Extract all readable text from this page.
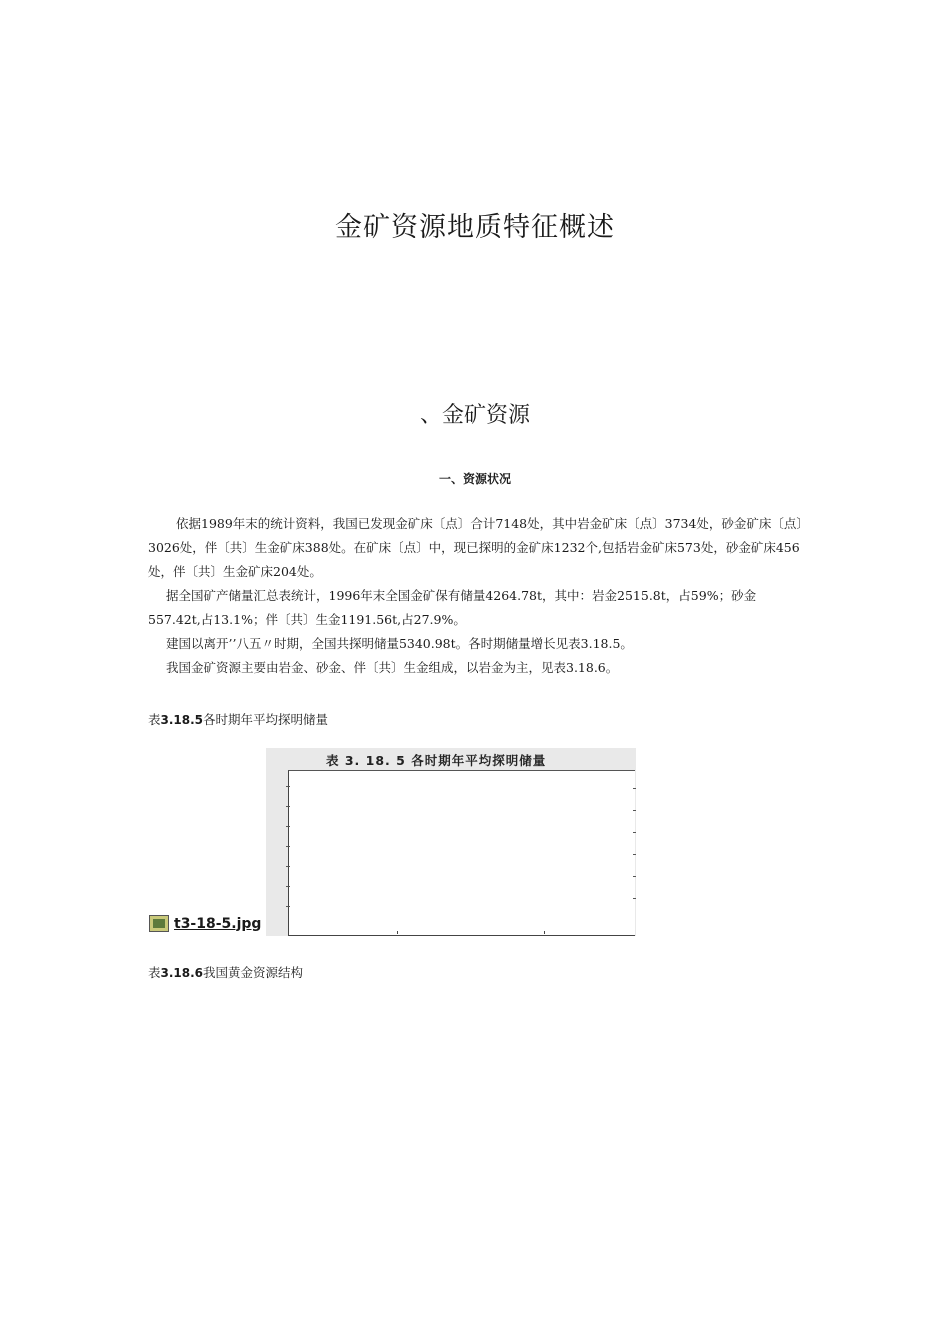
金矿资源地质特征概述
、金矿资源
一、资源状况

依据1989年末的统计资料，我国已发现金矿床〔点〕合计7148处，其中岩金矿床〔点〕3734处，砂金矿床〔点〕3026处，伴〔共〕生金矿床388处。在矿床〔点〕中，现已探明的金矿床1232个,包括岩金矿床573处，砂金矿床456处，伴〔共〕生金矿床204处。

据全国矿产储量汇总表统计，1996年末全国金矿保有储量4264.78t，其中：岩金2515.8t，占59%；砂金557.42t,占13.1%；伴〔共〕生金1191.56t,占27.9%。

建国以离开’’八五〃时期，全国共探明储量5340.98t。各时期储量增长见表3.18.5。

我国金矿资源主要由岩金、砂金、伴〔共〕生金组成，以岩金为主，见表3.18.6。

表3.18.5各时期年平均探明储量

表 3. 18. 5 各时期年平均探明储量
t3-18-5.jpg

表3.18.6我国黄金资源结构
